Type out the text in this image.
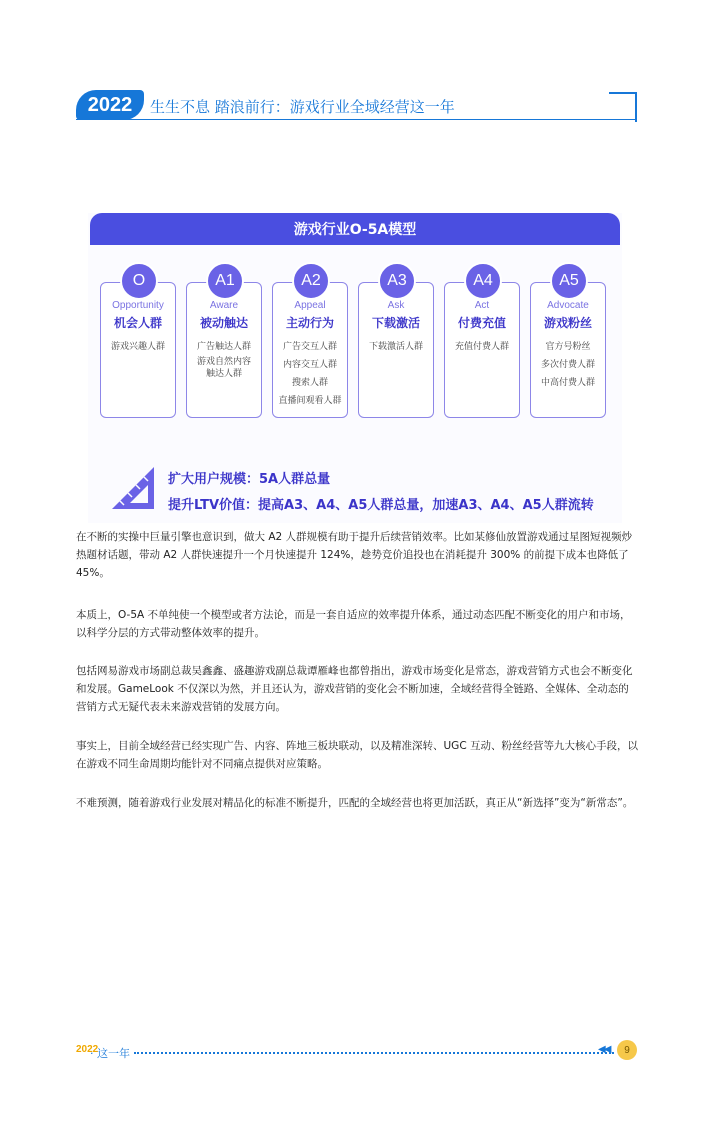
2022	生生不息 踏浪前行：游戏行业全域经营这一年
游戏行业O-5A模型
O
Opportunity
机会人群
游戏兴趣人群
A1
Aware
被动触达
广告触达人群
游戏自然内容
触达人群
A2
Appeal
主动行为
广告交互人群
内容交互人群
搜索人群
直播间观看人群
A3
Ask
下载激活
下载激活人群
A4
Act
付费充值
充值付费人群
A5
Advocate
游戏粉丝
官方号粉丝
多次付费人群
中高付费人群
扩大用户规模：5A人群总量
提升LTV价值：提高A3、A4、A5人群总量，加速A3、A4、A5人群流转
在不断的实操中巨量引擎也意识到，做大 A2 人群规模有助于提升后续营销效率。比如某修仙放置游戏通过星图短视频炒热题材话题，带动 A2 人群快速提升一个月快速提升 124%，趁势竞价追投也在消耗提升 300% 的前提下成本也降低了 45%。
本质上，O-5A 不单纯使一个模型或者方法论，而是一套自适应的效率提升体系，通过动态匹配不断变化的用户和市场，以科学分层的方式带动整体效率的提升。
包括网易游戏市场副总裁吴鑫鑫、盛趣游戏副总裁谭雁峰也都曾指出，游戏市场变化是常态，游戏营销方式也会不断变化和发展。GameLook 不仅深以为然，并且还认为，游戏营销的变化会不断加速，全域经营得全链路、全媒体、全动态的营销方式无疑代表未来游戏营销的发展方向。
事实上，目前全域经营已经实现广告、内容、阵地三板块联动，以及精准深转、UGC 互动、粉丝经营等九大核心手段，以在游戏不同生命周期均能针对不同痛点提供对应策略。
不难预测，随着游戏行业发展对精品化的标准不断提升，匹配的全域经营也将更加活跃，真正从“新选择”变为“新常态”。
2022
· 这一年 ·	◀◀	9
